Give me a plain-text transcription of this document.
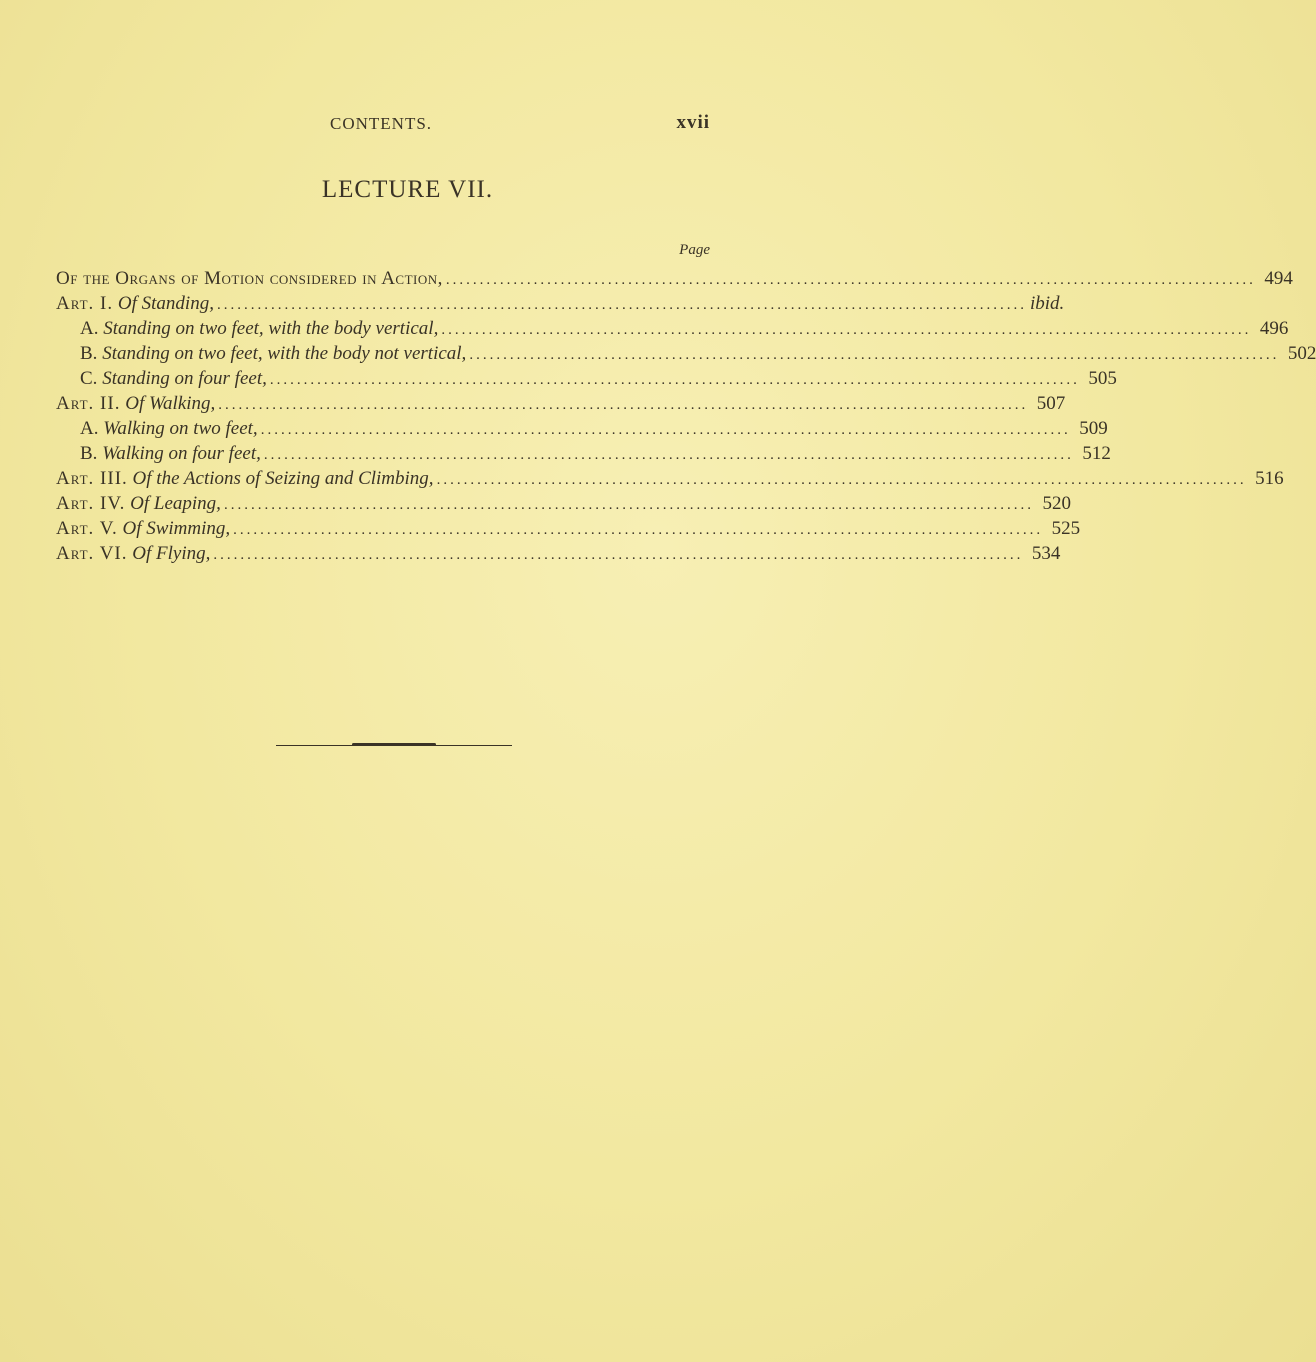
CONTENTS.	xvii
LECTURE VII.
Page
Of the Organs of Motion considered in Action, ........................................................................................................................ 494
Art. I. Of Standing, ........................................................................................................................ ibid.
A. Standing on two feet, with the body vertical, ........................................................................................................................ 496
B. Standing on two feet, with the body not vertical, ........................................................................................................................ 502
C. Standing on four feet, ........................................................................................................................ 505
Art. II. Of Walking, ........................................................................................................................ 507
A. Walking on two feet, ........................................................................................................................ 509
B. Walking on four feet, ........................................................................................................................ 512
Art. III. Of the Actions of Seizing and Climbing, ........................................................................................................................ 516
Art. IV. Of Leaping, ........................................................................................................................ 520
Art. V. Of Swimming, ........................................................................................................................ 525
Art. VI. Of Flying, ........................................................................................................................ 534
